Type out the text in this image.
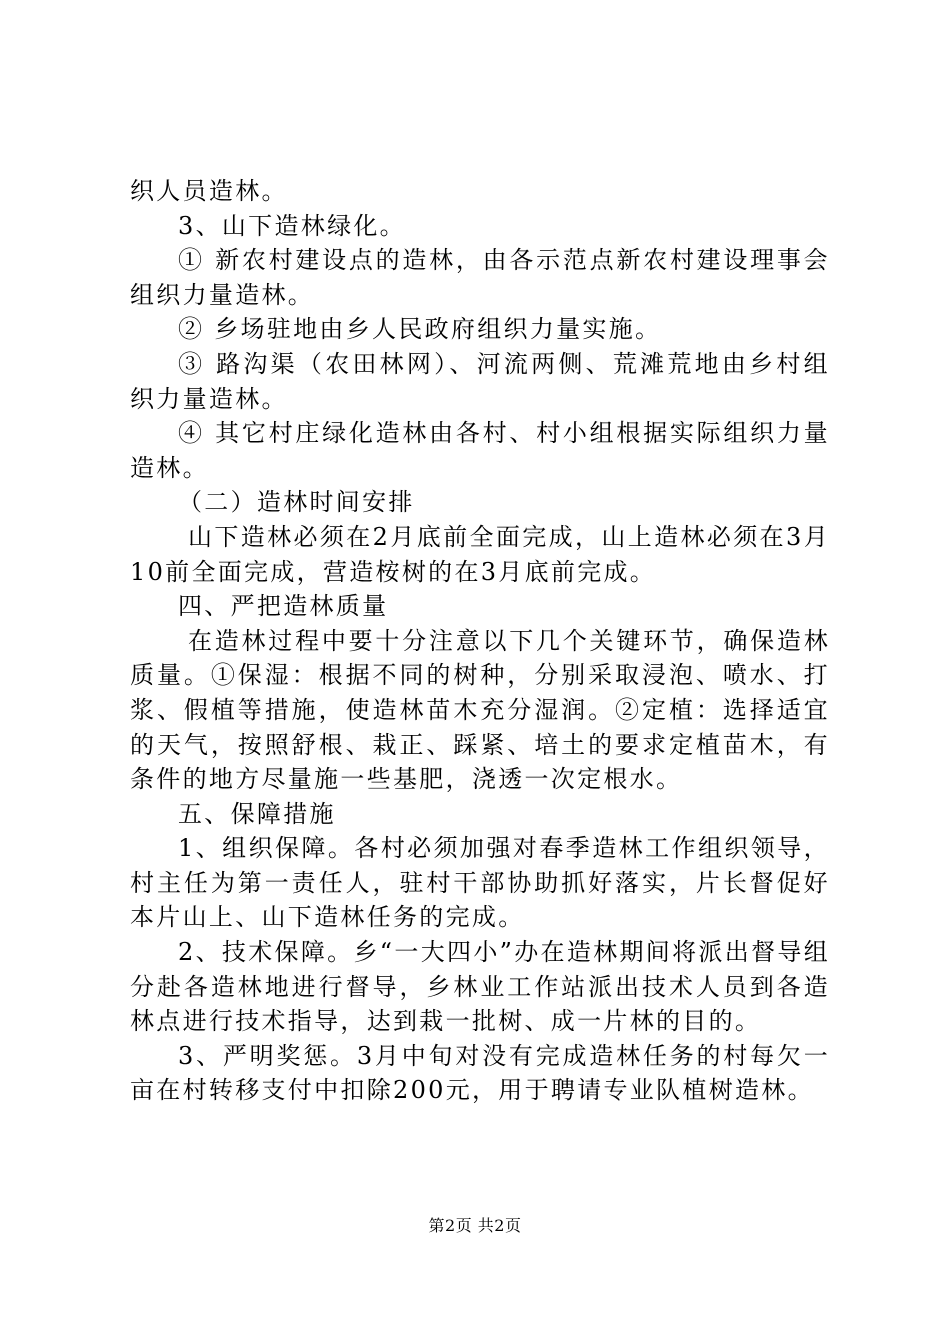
织人员造林。

3、山下造林绿化。

① 新农村建设点的造林，由各示范点新农村建设理事会组织力量造林。

② 乡场驻地由乡人民政府组织力量实施。

③ 路沟渠（农田林网）、河流两侧、荒滩荒地由乡村组织力量造林。

④ 其它村庄绿化造林由各村、村小组根据实际组织力量造林。

（二）造林时间安排

山下造林必须在2月底前全面完成，山上造林必须在3月10前全面完成，营造桉树的在3月底前完成。

四、严把造林质量

在造林过程中要十分注意以下几个关键环节，确保造林质量。①保湿：根据不同的树种，分别采取浸泡、喷水、打浆、假植等措施，使造林苗木充分湿润。②定植：选择适宜的天气，按照舒根、栽正、踩紧、培土的要求定植苗木，有条件的地方尽量施一些基肥，浇透一次定根水。

五、保障措施

1、组织保障。各村必须加强对春季造林工作组织领导，村主任为第一责任人，驻村干部协助抓好落实，片长督促好本片山上、山下造林任务的完成。

2、技术保障。乡“一大四小”办在造林期间将派出督导组分赴各造林地进行督导，乡林业工作站派出技术人员到各造林点进行技术指导，达到栽一批树、成一片林的目的。

3、严明奖惩。3月中旬对没有完成造林任务的村每欠一亩在村转移支付中扣除200元，用于聘请专业队植树造林。

第2页 共2页
